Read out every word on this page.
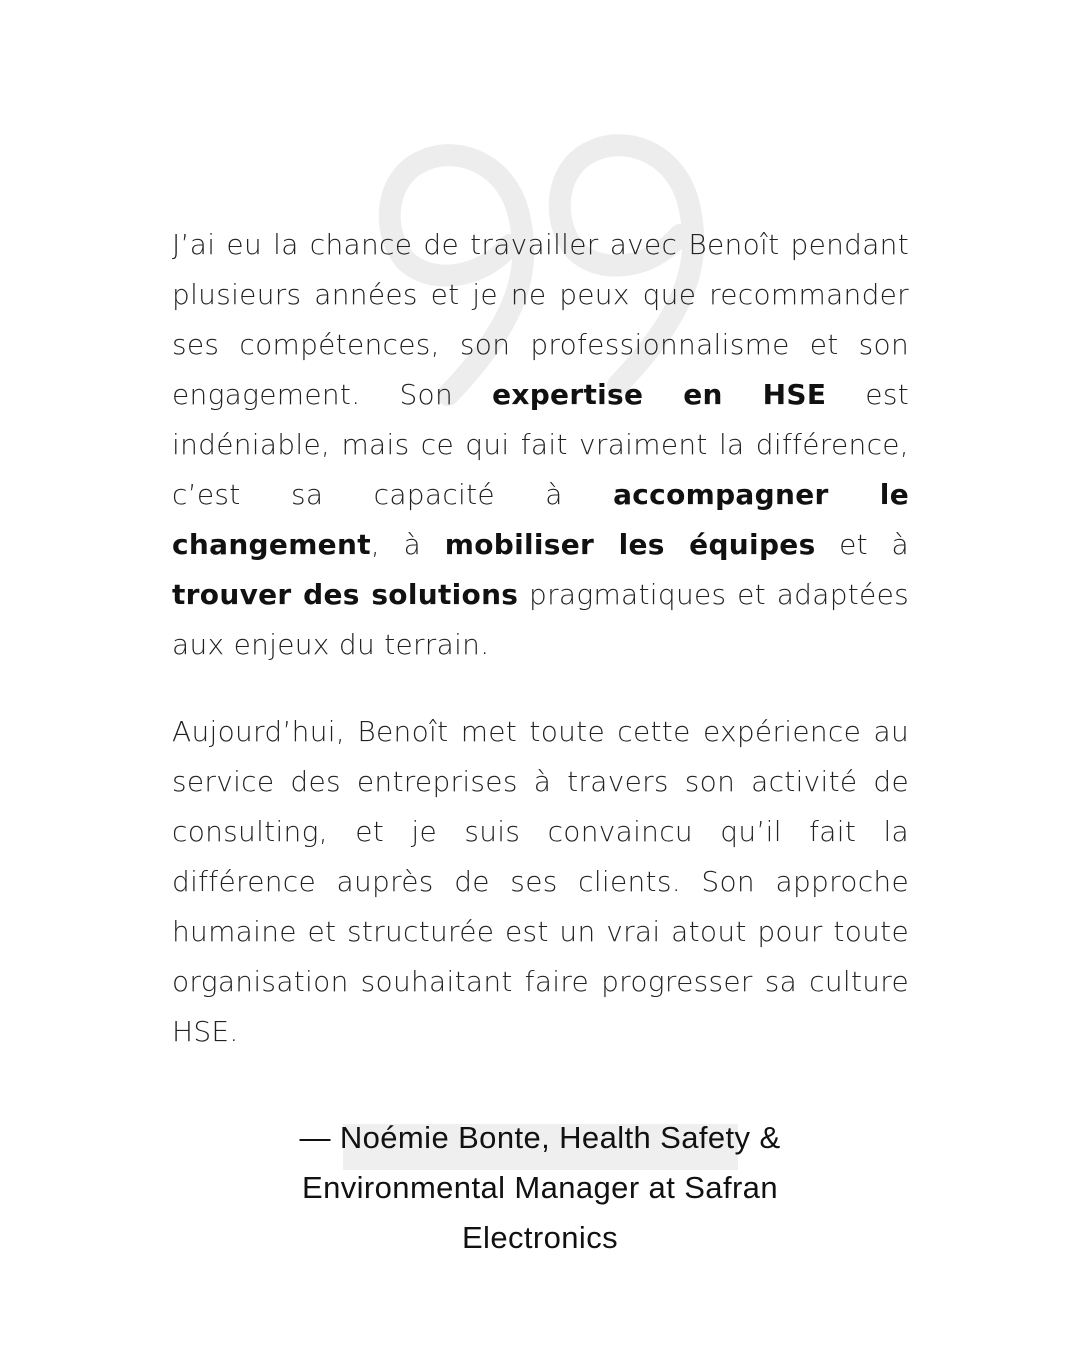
J’ai eu la chance de travailler avec Benoît pendant plusieurs années et je ne peux que recommander ses compétences, son professionnalisme et son engagement. Son expertise en HSE est indéniable, mais ce qui fait vraiment la différence, c’est sa capacité à accompagner le changement, à mobiliser les équipes et à trouver des solutions pragmatiques et adaptées aux enjeux du terrain.

Aujourd’hui, Benoît met toute cette expérience au service des entreprises à travers son activité de consulting, et je suis convaincu qu’il fait la différence auprès de ses clients. Son approche humaine et structurée est un vrai atout pour toute organisation souhaitant faire progresser sa culture HSE.

— Noémie Bonte, Health Safety &
Environmental Manager at Safran
Electronics
